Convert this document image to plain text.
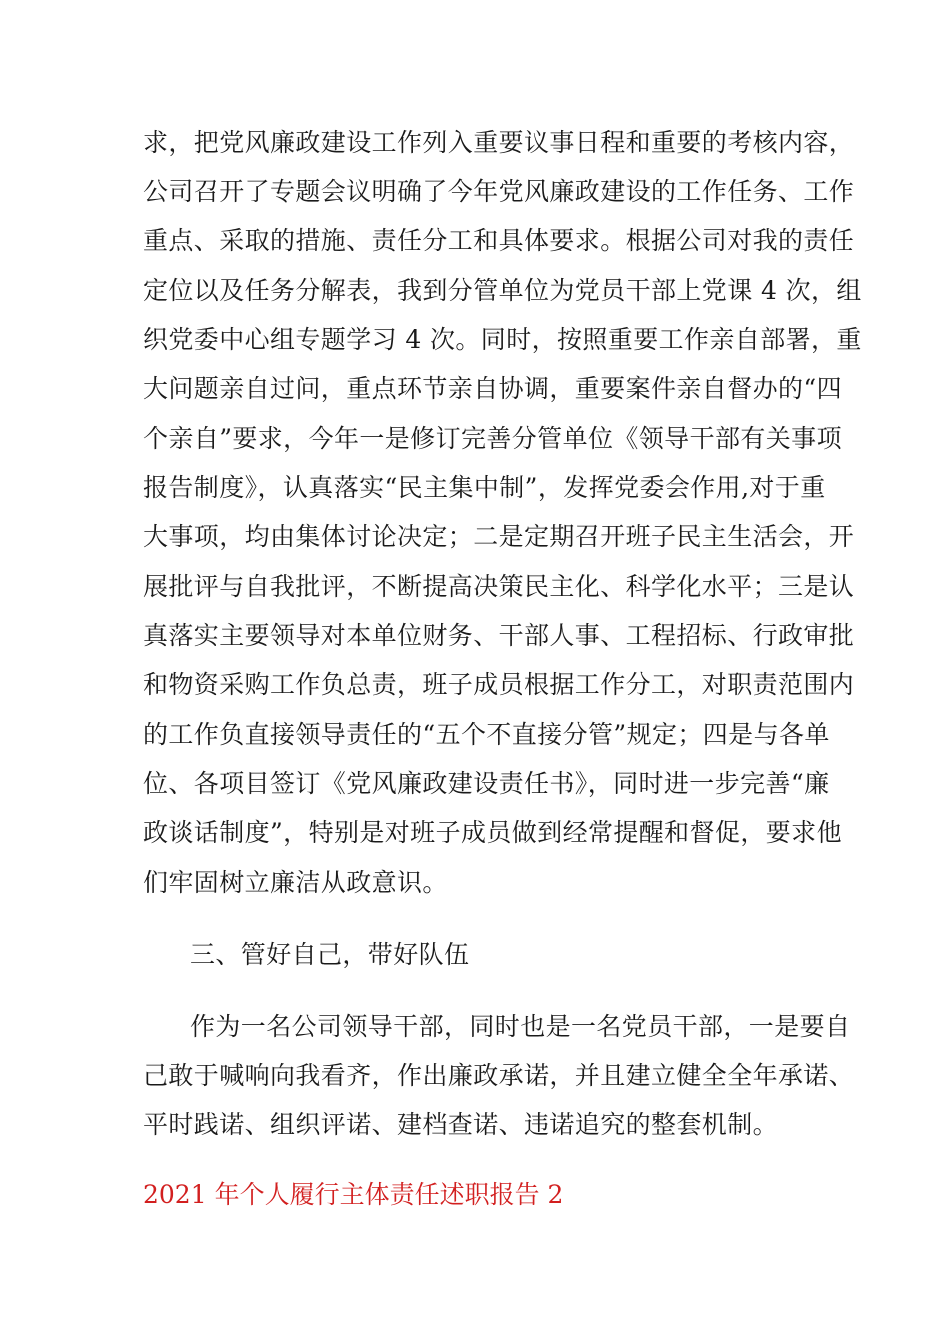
求，把党风廉政建设工作列入重要议事日程和重要的考核内容，
公司召开了专题会议明确了今年党风廉政建设的工作任务、工作
重点、采取的措施、责任分工和具体要求。根据公司对我的责任
定位以及任务分解表，我到分管单位为党员干部上党课 4 次，组
织党委中心组专题学习 4 次。同时，按照重要工作亲自部署，重
大问题亲自过问，重点环节亲自协调，重要案件亲自督办的“四
个亲自”要求，今年一是修订完善分管单位《领导干部有关事项
报告制度》，认真落实“民主集中制”，发挥党委会作用,对于重
大事项，均由集体讨论决定；二是定期召开班子民主生活会，开
展批评与自我批评，不断提高决策民主化、科学化水平；三是认
真落实主要领导对本单位财务、干部人事、工程招标、行政审批
和物资采购工作负总责，班子成员根据工作分工，对职责范围内
的工作负直接领导责任的“五个不直接分管”规定；四是与各单
位、各项目签订《党风廉政建设责任书》，同时进一步完善“廉
政谈话制度”，特别是对班子成员做到经常提醒和督促，要求他
们牢固树立廉洁从政意识。
三、管好自己，带好队伍
作为一名公司领导干部，同时也是一名党员干部，一是要自
己敢于喊响向我看齐，作出廉政承诺，并且建立健全全年承诺、
平时践诺、组织评诺、建档查诺、违诺追究的整套机制。
2021 年个人履行主体责任述职报告 2
